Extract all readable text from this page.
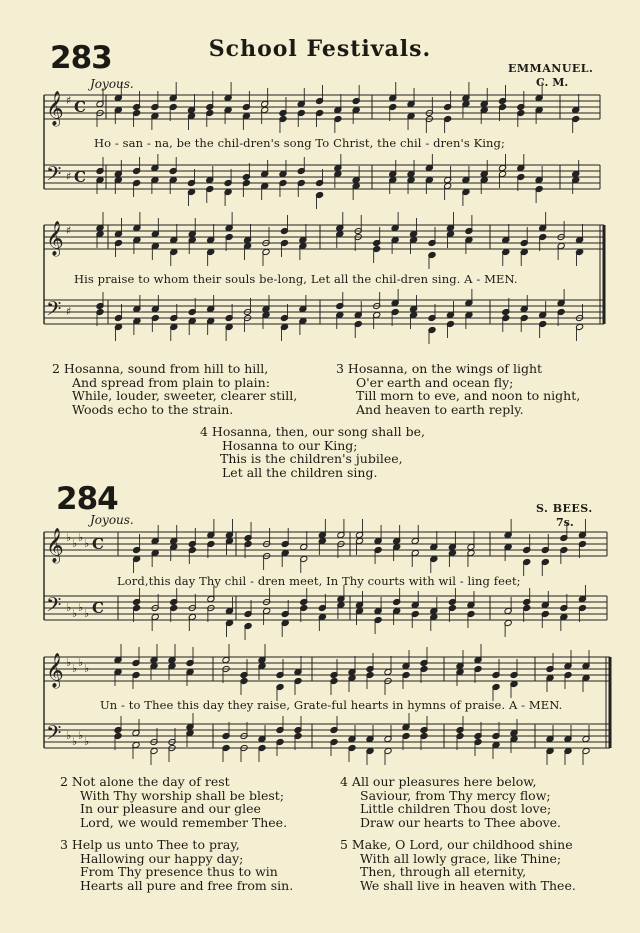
283	School Festivals.
EMMANUEL.
C. M.
Joyous.
𝄞
𝄢
♯
♯
C
C
𝄞
𝄢
♯
♯
𝄞
𝄢
♭
♭
♭
♭
♭
♭
♭
♭
C
C
𝄞
𝄢
♭
♭
♭
♭
♭
♭
♭
♭
Ho - san - na, be the chil-dren's song To Christ, the chil - dren's King;
His praise to whom their souls be-long, Let all the chil-dren sing. A - MEN.
2 Hosanna, sound from hill to hill,
And spread from plain to plain:
While, louder, sweeter, clearer still,
Woods echo to the strain.
3 Hosanna, on the wings of light
O'er earth and ocean fly;
Till morn to eve, and noon to night,
And heaven to earth reply.
4 Hosanna, then, our song shall be,
Hosanna to our King;
This is the children's jubilee,
Let all the children sing.
284	S. BEES.
7s.
Joyous.
Lord,this day Thy chil - dren meet, In Thy courts with wil - ling feet;
Un - to Thee this day they raise, Grate-ful hearts in hymns of praise. A - MEN.
2 Not alone the day of rest
With Thy worship shall be blest;
In our pleasure and our glee
Lord, we would remember Thee.
3 Help us unto Thee to pray,
Hallowing our happy day;
From Thy presence thus to win
Hearts all pure and free from sin.
4 All our pleasures here below,
Saviour, from Thy mercy flow;
Little children Thou dost love;
Draw our hearts to Thee above.
5 Make, O Lord, our childhood shine
With all lowly grace, like Thine;
Then, through all eternity,
We shall live in heaven with Thee.
